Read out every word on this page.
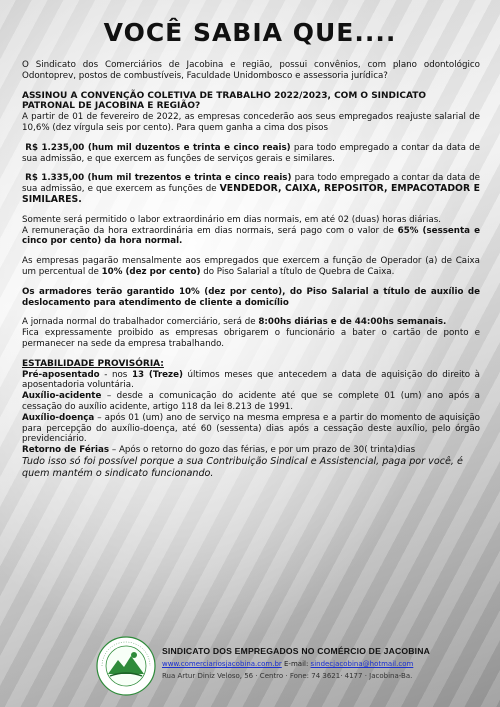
VOCÊ SABIA QUE....

O Sindicato dos Comerciários de Jacobina e região, possui convênios, com plano odontológico Odontoprev, postos de combustíveis, Faculdade Unidombosco e assessoria jurídica?

ASSINOU A CONVENÇÃO COLETIVA DE TRABALHO 2022/2023, COM O SINDICATO PATRONAL DE JACOBINA E REGIÃO?

A partir de 01 de fevereiro de 2022, as empresas concederão aos seus empregados reajuste salarial de 10,6% (dez vírgula seis por cento). Para quem ganha a cima dos pisos

R$ 1.235,00 (hum mil duzentos e trinta e cinco reais) para todo empregado a contar da data de sua admissão, e que exercem as funções de serviços gerais e similares.

R$ 1.335,00 (hum mil trezentos e trinta e cinco reais) para todo empregado a contar da data de sua admissão, e que exercem as funções de VENDEDOR, CAIXA, REPOSITOR, EMPACOTADOR E SIMILARES.

Somente será permitido o labor extraordinário em dias normais, em até 02 (duas) horas diárias.

A remuneração da hora extraordinária em dias normais, será pago com o valor de 65% (sessenta e cinco por cento) da hora normal.

As empresas pagarão mensalmente aos empregados que exercem a função de Operador (a) de Caixa um percentual de 10% (dez por cento) do Piso Salarial a título de Quebra de Caixa.

Os armadores terão garantido 10% (dez por cento), do Piso Salarial a título de auxílio de deslocamento para atendimento de cliente a domicílio

A jornada normal do trabalhador comerciário, será de 8:00hs diárias e de 44:00hs semanais.

Fica expressamente proibido as empresas obrigarem o funcionário a bater o cartão de ponto e permanecer na sede da empresa trabalhando.

ESTABILIDADE PROVISÓRIA:

Pré-aposentado - nos 13 (Treze) últimos meses que antecedem a data de aquisição do direito à aposentadoria voluntária.

Auxílio-acidente – desde a comunicação do acidente até que se complete 01 (um) ano após a cessação do auxílio acidente, artigo 118 da lei 8.213 de 1991.

Auxílio-doença – após 01 (um) ano de serviço na mesma empresa e a partir do momento de aquisição para percepção do auxílio-doença, até 60 (sessenta) dias após a cessação deste auxílio, pelo órgão previdenciário.

Retorno de Férias – Após o retorno do gozo das férias, e por um prazo de 30( trinta)dias

Tudo isso só foi possível porque a sua Contribuição Sindical e Assistencial, paga por você, é quem mantém o sindicato funcionando.

SINDICATO DOS EMPREGADOS NO COMÉRCIO DE JACOBINA
www.comerciariosjacobina.com.br E-mail: sindecjacobina@hotmail.com
Rua Artur Diniz Veloso, 56 · Centro · Fone: 74 3621· 4177 · Jacobina-Ba.
